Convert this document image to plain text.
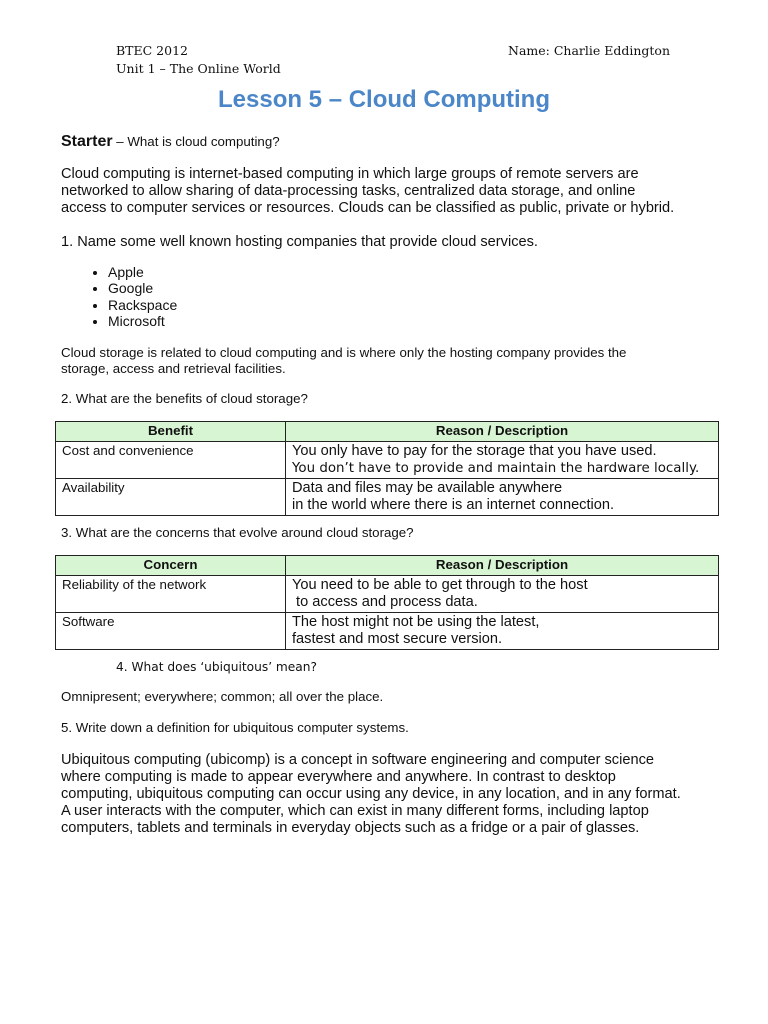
BTEC 2012
Unit 1 – The Online World
Name: Charlie Eddington
Lesson 5 – Cloud Computing
Starter – What is cloud computing?
Cloud computing is internet-based computing in which large groups of remote servers are
networked to allow sharing of data-processing tasks, centralized data storage, and online
access to computer services or resources. Clouds can be classified as public, private or hybrid.
1. Name some well known hosting companies that provide cloud services.
• Apple
• Google
• Rackspace
• Microsoft
Cloud storage is related to cloud computing and is where only the hosting company provides the
storage, access and retrieval facilities.
2. What are the benefits of cloud storage?
Benefit	Reason / Description
Cost and convenience	You only have to pay for the storage that you have used.
You don’t have to provide and maintain the hardware locally.

Availability	Data and files may be available anywhere
in the world where there is an internet connection.
3. What are the concerns that evolve around cloud storage?
Concern	Reason / Description
Reliability of the network	You need to be able to get through to the host
to access and process data.

Software	The host might not be using the latest,
fastest and most secure version.
4. What does ‘ubiquitous’ mean?
Omnipresent; everywhere; common; all over the place.
5. Write down a definition for ubiquitous computer systems.
Ubiquitous computing (ubicomp) is a concept in software engineering and computer science
where computing is made to appear everywhere and anywhere. In contrast to desktop
computing, ubiquitous computing can occur using any device, in any location, and in any format.
A user interacts with the computer, which can exist in many different forms, including laptop
computers, tablets and terminals in everyday objects such as a fridge or a pair of glasses.
